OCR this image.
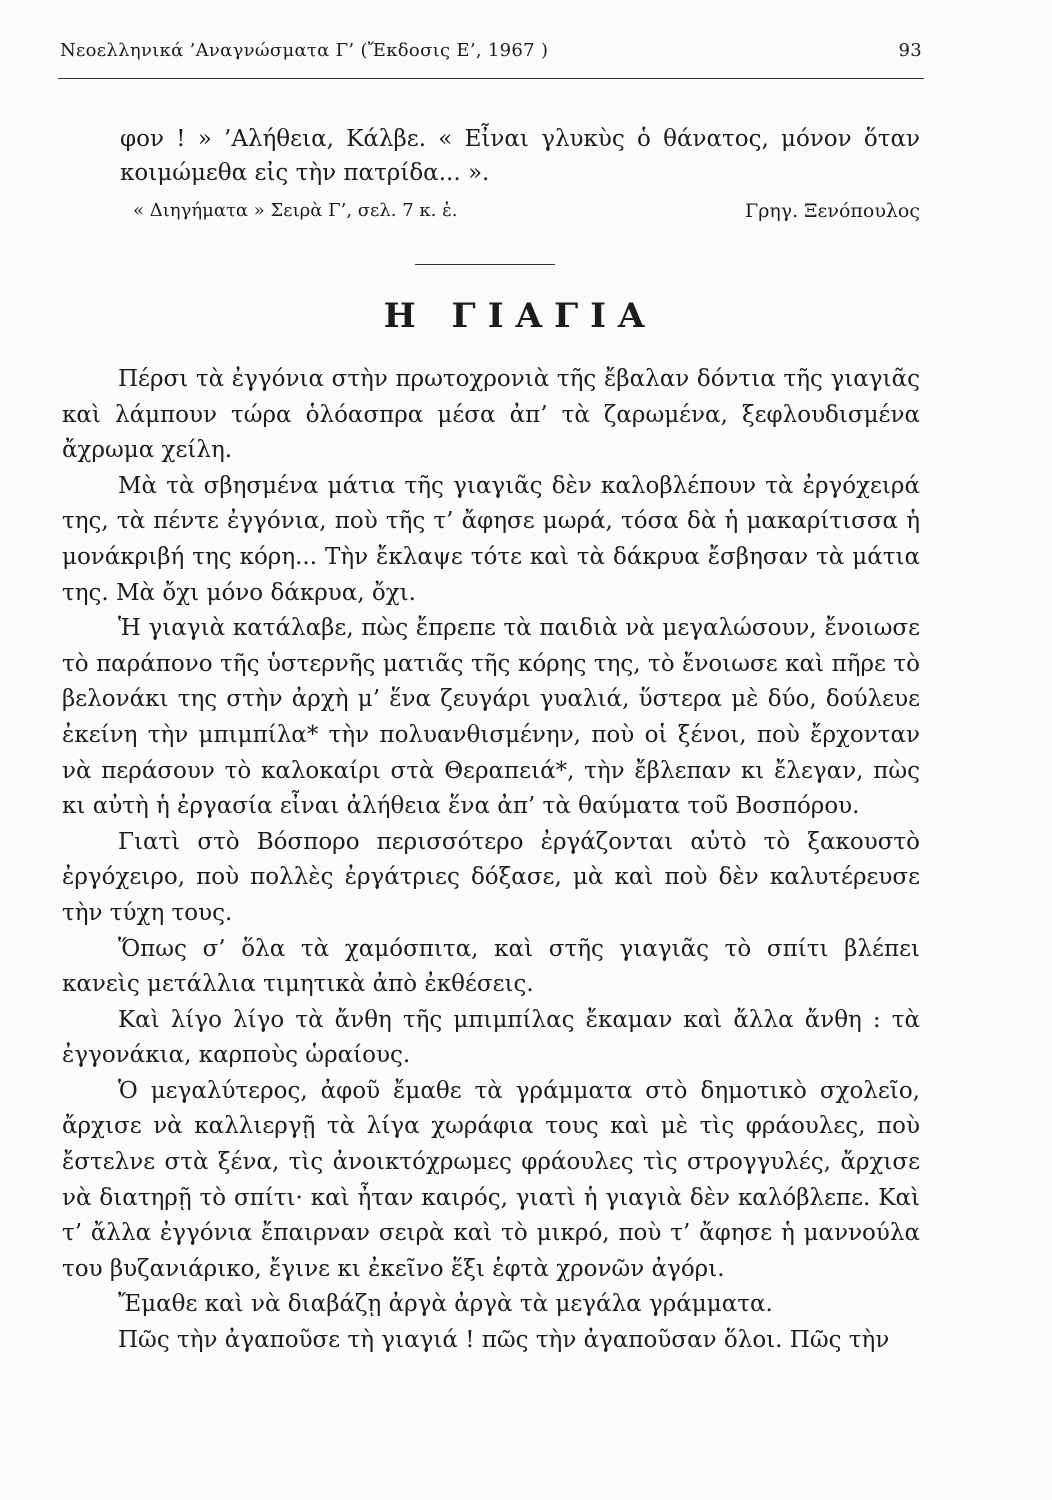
Νεοελληνικά ’Αναγνώσματα Γ’ (Ἔκδοσις Ε’, 1967 )	93
φον ! » ’Αλήθεια, Κάλβε. « Εἶναι γλυκὺς ὁ θάνατος, μόνον ὅταν κοιμώμεθα εἰς τὴν πατρίδα... ».
« Διηγήματα » Σειρὰ Γ’, σελ. 7 κ. ἑ.	Γρηγ. Ξενόπουλος
Η ΓΙΑΓΙΑ

Πέρσι τὰ ἐγγόνια στὴν πρωτοχρονιὰ τῆς ἔβαλαν δόντια τῆς γιαγιᾶς καὶ λάμπουν τώρα ὁλόασπρα μέσα ἀπ’ τὰ ζαρωμένα, ξεφλουδισμένα ἄχρωμα χείλη.

Μὰ τὰ σβησμένα μάτια τῆς γιαγιᾶς δὲν καλοβλέπουν τὰ ἐργόχειρά της, τὰ πέντε ἐγγόνια, ποὺ τῆς τ’ ἄφησε μωρά, τόσα δὰ ἡ μακαρίτισσα ἡ μονάκριβή της κόρη... Τὴν ἔκλαψε τότε καὶ τὰ δάκρυα ἔσβησαν τὰ μάτια της. Μὰ ὄχι μόνο δάκρυα, ὄχι.

Ἡ γιαγιὰ κατάλαβε, πὼς ἔπρεπε τὰ παιδιὰ νὰ μεγαλώσουν, ἔνοιωσε τὸ παράπονο τῆς ὑστερνῆς ματιᾶς τῆς κόρης της, τὸ ἔνοιωσε καὶ πῆρε τὸ βελονάκι της στὴν ἀρχὴ μ’ ἕνα ζευγάρι γυαλιά, ὕστερα μὲ δύο, δούλευε ἐκείνη τὴν μπιμπίλα* τὴν πολυανθισμένην, ποὺ οἱ ξένοι, ποὺ ἔρχονταν νὰ περάσουν τὸ καλοκαίρι στὰ Θεραπειά*, τὴν ἔβλεπαν κι ἔλεγαν, πὼς κι αὐτὴ ἡ ἐργασία εἶναι ἀλήθεια ἕνα ἀπ’ τὰ θαύματα τοῦ Βοσπόρου.

Γιατὶ στὸ Βόσπορο περισσότερο ἐργάζονται αὐτὸ τὸ ξακουστὸ ἐργόχειρο, ποὺ πολλὲς ἐργάτριες δόξασε, μὰ καὶ ποὺ δὲν καλυτέρευσε τὴν τύχη τους.

Ὅπως σ’ ὅλα τὰ χαμόσπιτα, καὶ στῆς γιαγιᾶς τὸ σπίτι βλέπει κανεὶς μετάλλια τιμητικὰ ἀπὸ ἐκθέσεις.

Καὶ λίγο λίγο τὰ ἄνθη τῆς μπιμπίλας ἔκαμαν καὶ ἄλλα ἄνθη : τὰ ἐγγονάκια, καρποὺς ὡραίους.

Ὁ μεγαλύτερος, ἀφοῦ ἔμαθε τὰ γράμματα στὸ δημοτικὸ σχολεῖο, ἄρχισε νὰ καλλιεργῇ τὰ λίγα χωράφια τους καὶ μὲ τὶς φράουλες, ποὺ ἔστελνε στὰ ξένα, τὶς ἀνοικτόχρωμες φράουλες τὶς στρογγυλές, ἄρχισε νὰ διατηρῇ τὸ σπίτι· καὶ ἦταν καιρός, γιατὶ ἡ γιαγιὰ δὲν καλόβλεπε. Καὶ τ’ ἄλλα ἐγγόνια ἔπαιρναν σειρὰ καὶ τὸ μικρό, ποὺ τ’ ἄφησε ἡ μαννούλα του βυζανιάρικο, ἔγινε κι ἐκεῖνο ἕξι ἑφτὰ χρονῶν ἀγόρι.

Ἔμαθε καὶ νὰ διαβάζῃ ἀργὰ ἀργὰ τὰ μεγάλα γράμματα.

Πῶς τὴν ἀγαποῦσε τὴ γιαγιά ! πῶς τὴν ἀγαποῦσαν ὅλοι. Πῶς τὴν
